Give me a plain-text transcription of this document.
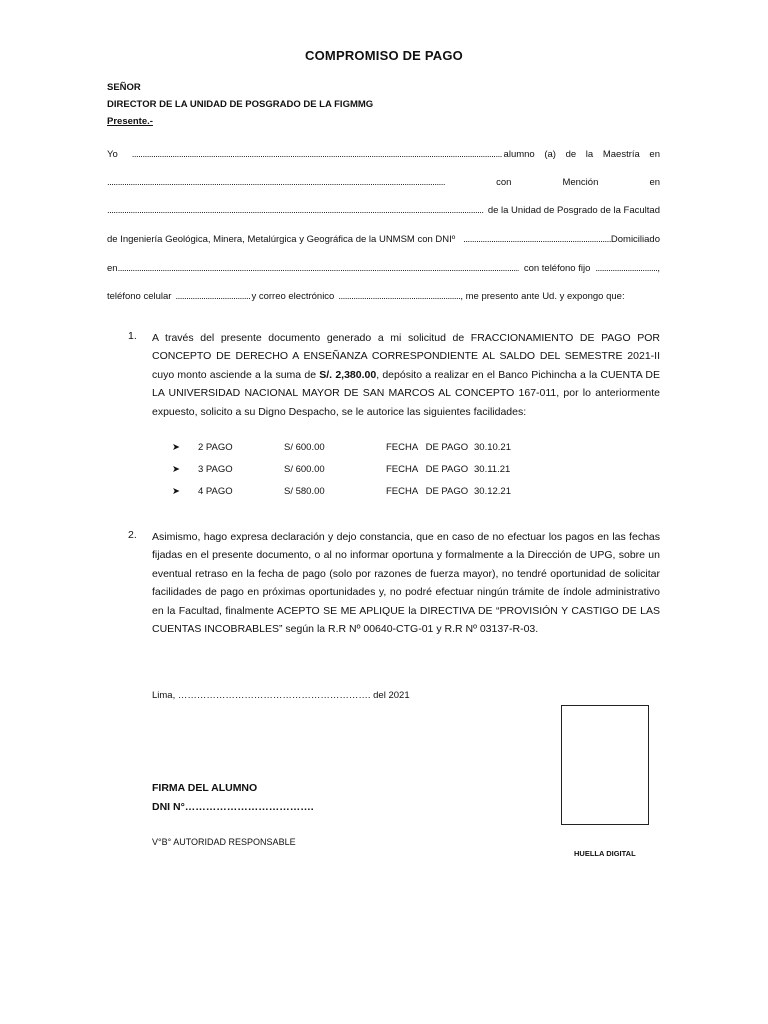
COMPROMISO DE PAGO
SEÑOR
DIRECTOR DE LA UNIDAD DE POSGRADO DE LA FIGMMG
Presente.-
Yo .....	alumno (a) de la Maestría en
.....
con	Mención	en
.....
de la Unidad de Posgrado de la Facultad
de Ingeniería Geológica, Minera, Metalúrgica y Geográfica de la UNMSM con DNIº .....	Domiciliado
en .....	con teléfono fijo .....	,
teléfono celular .....	y correo electrónico .....	, me presento ante Ud. y expongo que:
1. A través del presente documento generado a mi solicitud de FRACCIONAMIENTO DE PAGO POR CONCEPTO DE DERECHO A ENSEÑANZA CORRESPONDIENTE AL SALDO DEL SEMESTRE 2021-II cuyo monto asciende a la suma de S/. 2,380.00, depósito a realizar en el Banco Pichincha a la CUENTA DE LA UNIVERSIDAD NACIONAL MAYOR DE SAN MARCOS AL CONCEPTO 167-011, por lo anteriormente expuesto, solicito a su Digno Despacho, se le autorice las siguientes facilidades:
➤ 2 PAGO	S/ 600.00	FECHA   DE PAGO 30.10.21
➤ 3 PAGO	S/ 600.00	FECHA   DE PAGO 30.11.21
➤ 4 PAGO	S/ 580.00	FECHA   DE PAGO 30.12.21
2. Asimismo, hago expresa declaración y dejo constancia, que en caso de no efectuar los pagos en las fechas fijadas en el presente documento, o al no informar oportuna y formalmente a la Dirección de UPG, sobre un eventual retraso en la fecha de pago (solo por razones de fuerza mayor), no tendré oportunidad de solicitar facilidades de pago en próximas oportunidades y, no podré efectuar ningún trámite de índole administrativo en la Facultad, finalmente ACEPTO SE ME APLIQUE la DIRECTIVA DE “PROVISIÓN Y CASTIGO DE LAS CUENTAS INCOBRABLES” según la R.R Nº 00640-CTG-01 y R.R Nº 03137-R-03.
Lima, ……………………………………………………. del 2021
FIRMA DEL ALUMNO
DNI N°……………………………….
V°B° AUTORIDAD RESPONSABLE
HUELLA DIGITAL
